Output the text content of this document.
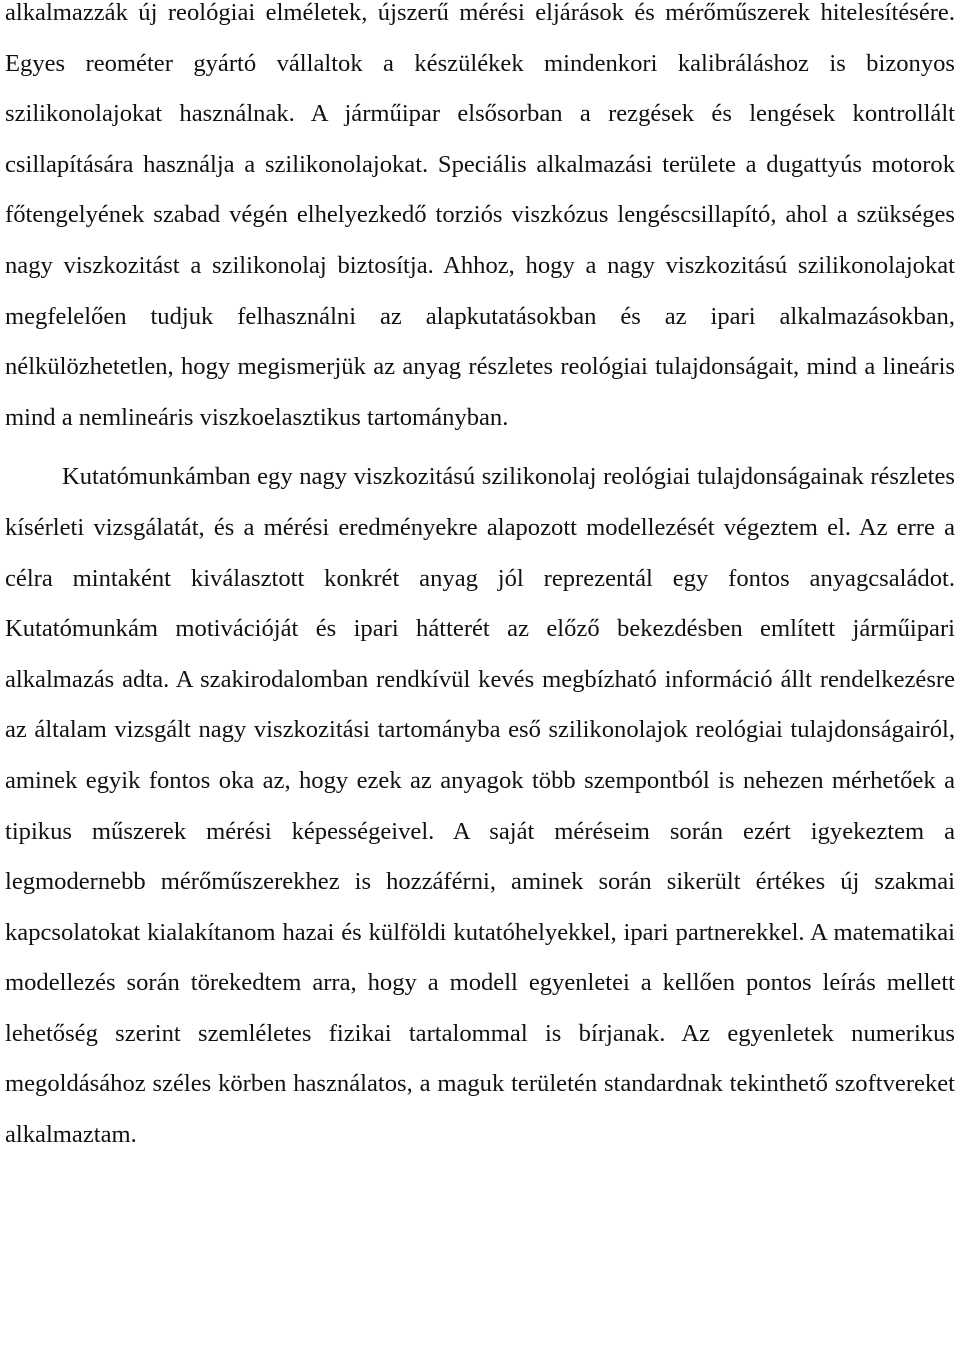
alkalmazzák új reológiai elméletek, újszerű mérési eljárások és mérőműszerek hitelesítésére. Egyes reométer gyártó vállaltok a készülékek mindenkori kalibráláshoz is bizonyos szilikonolajokat használnak. A járműipar elsősorban a rezgések és lengések kontrollált csillapítására használja a szilikonolajokat. Speciális alkalmazási területe a dugattyús motorok főtengelyének szabad végén elhelyezkedő torziós viszkózus lengéscsillapító, ahol a szükséges nagy viszkozitást a szilikonolaj biztosítja. Ahhoz, hogy a nagy viszkozitású szilikonolajokat megfelelően tudjuk felhasználni az alapkutatásokban és az ipari alkalmazásokban, nélkülözhetetlen, hogy megismerjük az anyag részletes reológiai tulajdonságait, mind a lineáris mind a nemlineáris viszkoelasztikus tartományban.

Kutatómunkámban egy nagy viszkozitású szilikonolaj reológiai tulajdonságainak részletes kísérleti vizsgálatát, és a mérési eredményekre alapozott modellezését végeztem el. Az erre a célra mintaként kiválasztott konkrét anyag jól reprezentál egy fontos anyagcsaládot. Kutatómunkám motivációját és ipari hátterét az előző bekezdésben említett járműipari alkalmazás adta. A szakirodalomban rendkívül kevés megbízható információ állt rendelkezésre az általam vizsgált nagy viszkozitási tartományba eső szilikonolajok reológiai tulajdonságairól, aminek egyik fontos oka az, hogy ezek az anyagok több szempontból is nehezen mérhetőek a tipikus műszerek mérési képességeivel. A saját méréseim során ezért igyekeztem a legmodernebb mérőműszerekhez is hozzáférni, aminek során sikerült értékes új szakmai kapcsolatokat kialakítanom hazai és külföldi kutatóhelyekkel, ipari partnerekkel. A matematikai modellezés során törekedtem arra, hogy a modell egyenletei a kellően pontos leírás mellett lehetőség szerint szemléletes fizikai tartalommal is bírjanak. Az egyenletek numerikus megoldásához széles körben használatos, a maguk területén standardnak tekinthető szoftvereket alkalmaztam.
